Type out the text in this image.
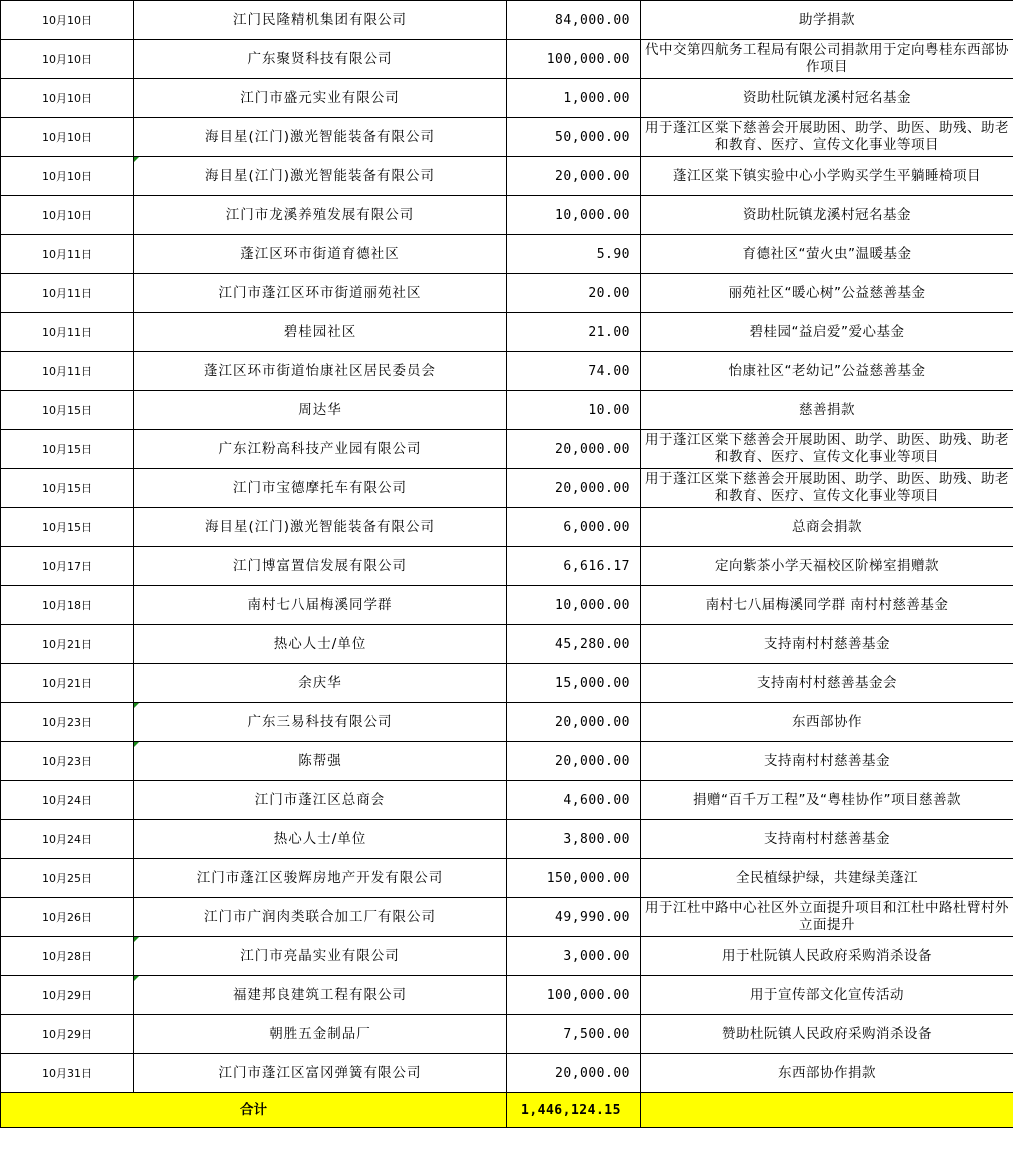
10月10日	江门民隆精机集团有限公司	84,000.00	助学捐款
10月10日	广东聚贤科技有限公司	100,000.00	代中交第四航务工程局有限公司捐款用于定向粤桂东西部协作项目
10月10日	江门市盛元实业有限公司	1,000.00	资助杜阮镇龙溪村冠名基金
10月10日	海目星(江门)激光智能装备有限公司	50,000.00	用于蓬江区棠下慈善会开展助困、助学、助医、助残、助老和教育、医疗、宣传文化事业等项目
10月10日	海目星(江门)激光智能装备有限公司	20,000.00	蓬江区棠下镇实验中心小学购买学生平躺睡椅项目
10月10日	江门市龙溪养殖发展有限公司	10,000.00	资助杜阮镇龙溪村冠名基金
10月11日	蓬江区环市街道育德社区	5.90	育德社区“萤火虫”温暖基金
10月11日	江门市蓬江区环市街道丽苑社区	20.00	丽苑社区“暖心树”公益慈善基金
10月11日	碧桂园社区	21.00	碧桂园“益启爱”爱心基金
10月11日	蓬江区环市街道怡康社区居民委员会	74.00	怡康社区“老幼记”公益慈善基金
10月15日	周达华	10.00	慈善捐款
10月15日	广东江粉高科技产业园有限公司	20,000.00	用于蓬江区棠下慈善会开展助困、助学、助医、助残、助老和教育、医疗、宣传文化事业等项目
10月15日	江门市宝德摩托车有限公司	20,000.00	用于蓬江区棠下慈善会开展助困、助学、助医、助残、助老和教育、医疗、宣传文化事业等项目
10月15日	海目星(江门)激光智能装备有限公司	6,000.00	总商会捐款
10月17日	江门博富置信发展有限公司	6,616.17	定向紫茶小学天福校区阶梯室捐赠款
10月18日	南村七八届梅溪同学群	10,000.00	南村七八届梅溪同学群 南村村慈善基金
10月21日	热心人士/单位	45,280.00	支持南村村慈善基金
10月21日	余庆华	15,000.00	支持南村村慈善基金会
10月23日	广东三易科技有限公司	20,000.00	东西部协作
10月23日	陈帮强	20,000.00	支持南村村慈善基金
10月24日	江门市蓬江区总商会	4,600.00	捐赠“百千万工程”及“粤桂协作”项目慈善款
10月24日	热心人士/单位	3,800.00	支持南村村慈善基金
10月25日	江门市蓬江区骏辉房地产开发有限公司	150,000.00	全民植绿护绿，共建绿美蓬江
10月26日	江门市广润肉类联合加工厂有限公司	49,990.00	用于江杜中路中心社区外立面提升项目和江杜中路杜臂村外立面提升
10月28日	江门市亮晶实业有限公司	3,000.00	用于杜阮镇人民政府采购消杀设备
10月29日	福建邦良建筑工程有限公司	100,000.00	用于宣传部文化宣传活动
10月29日	朝胜五金制品厂	7,500.00	赞助杜阮镇人民政府采购消杀设备
10月31日	江门市蓬江区富冈弹簧有限公司	20,000.00	东西部协作捐款
合计		1,446,124.15	
